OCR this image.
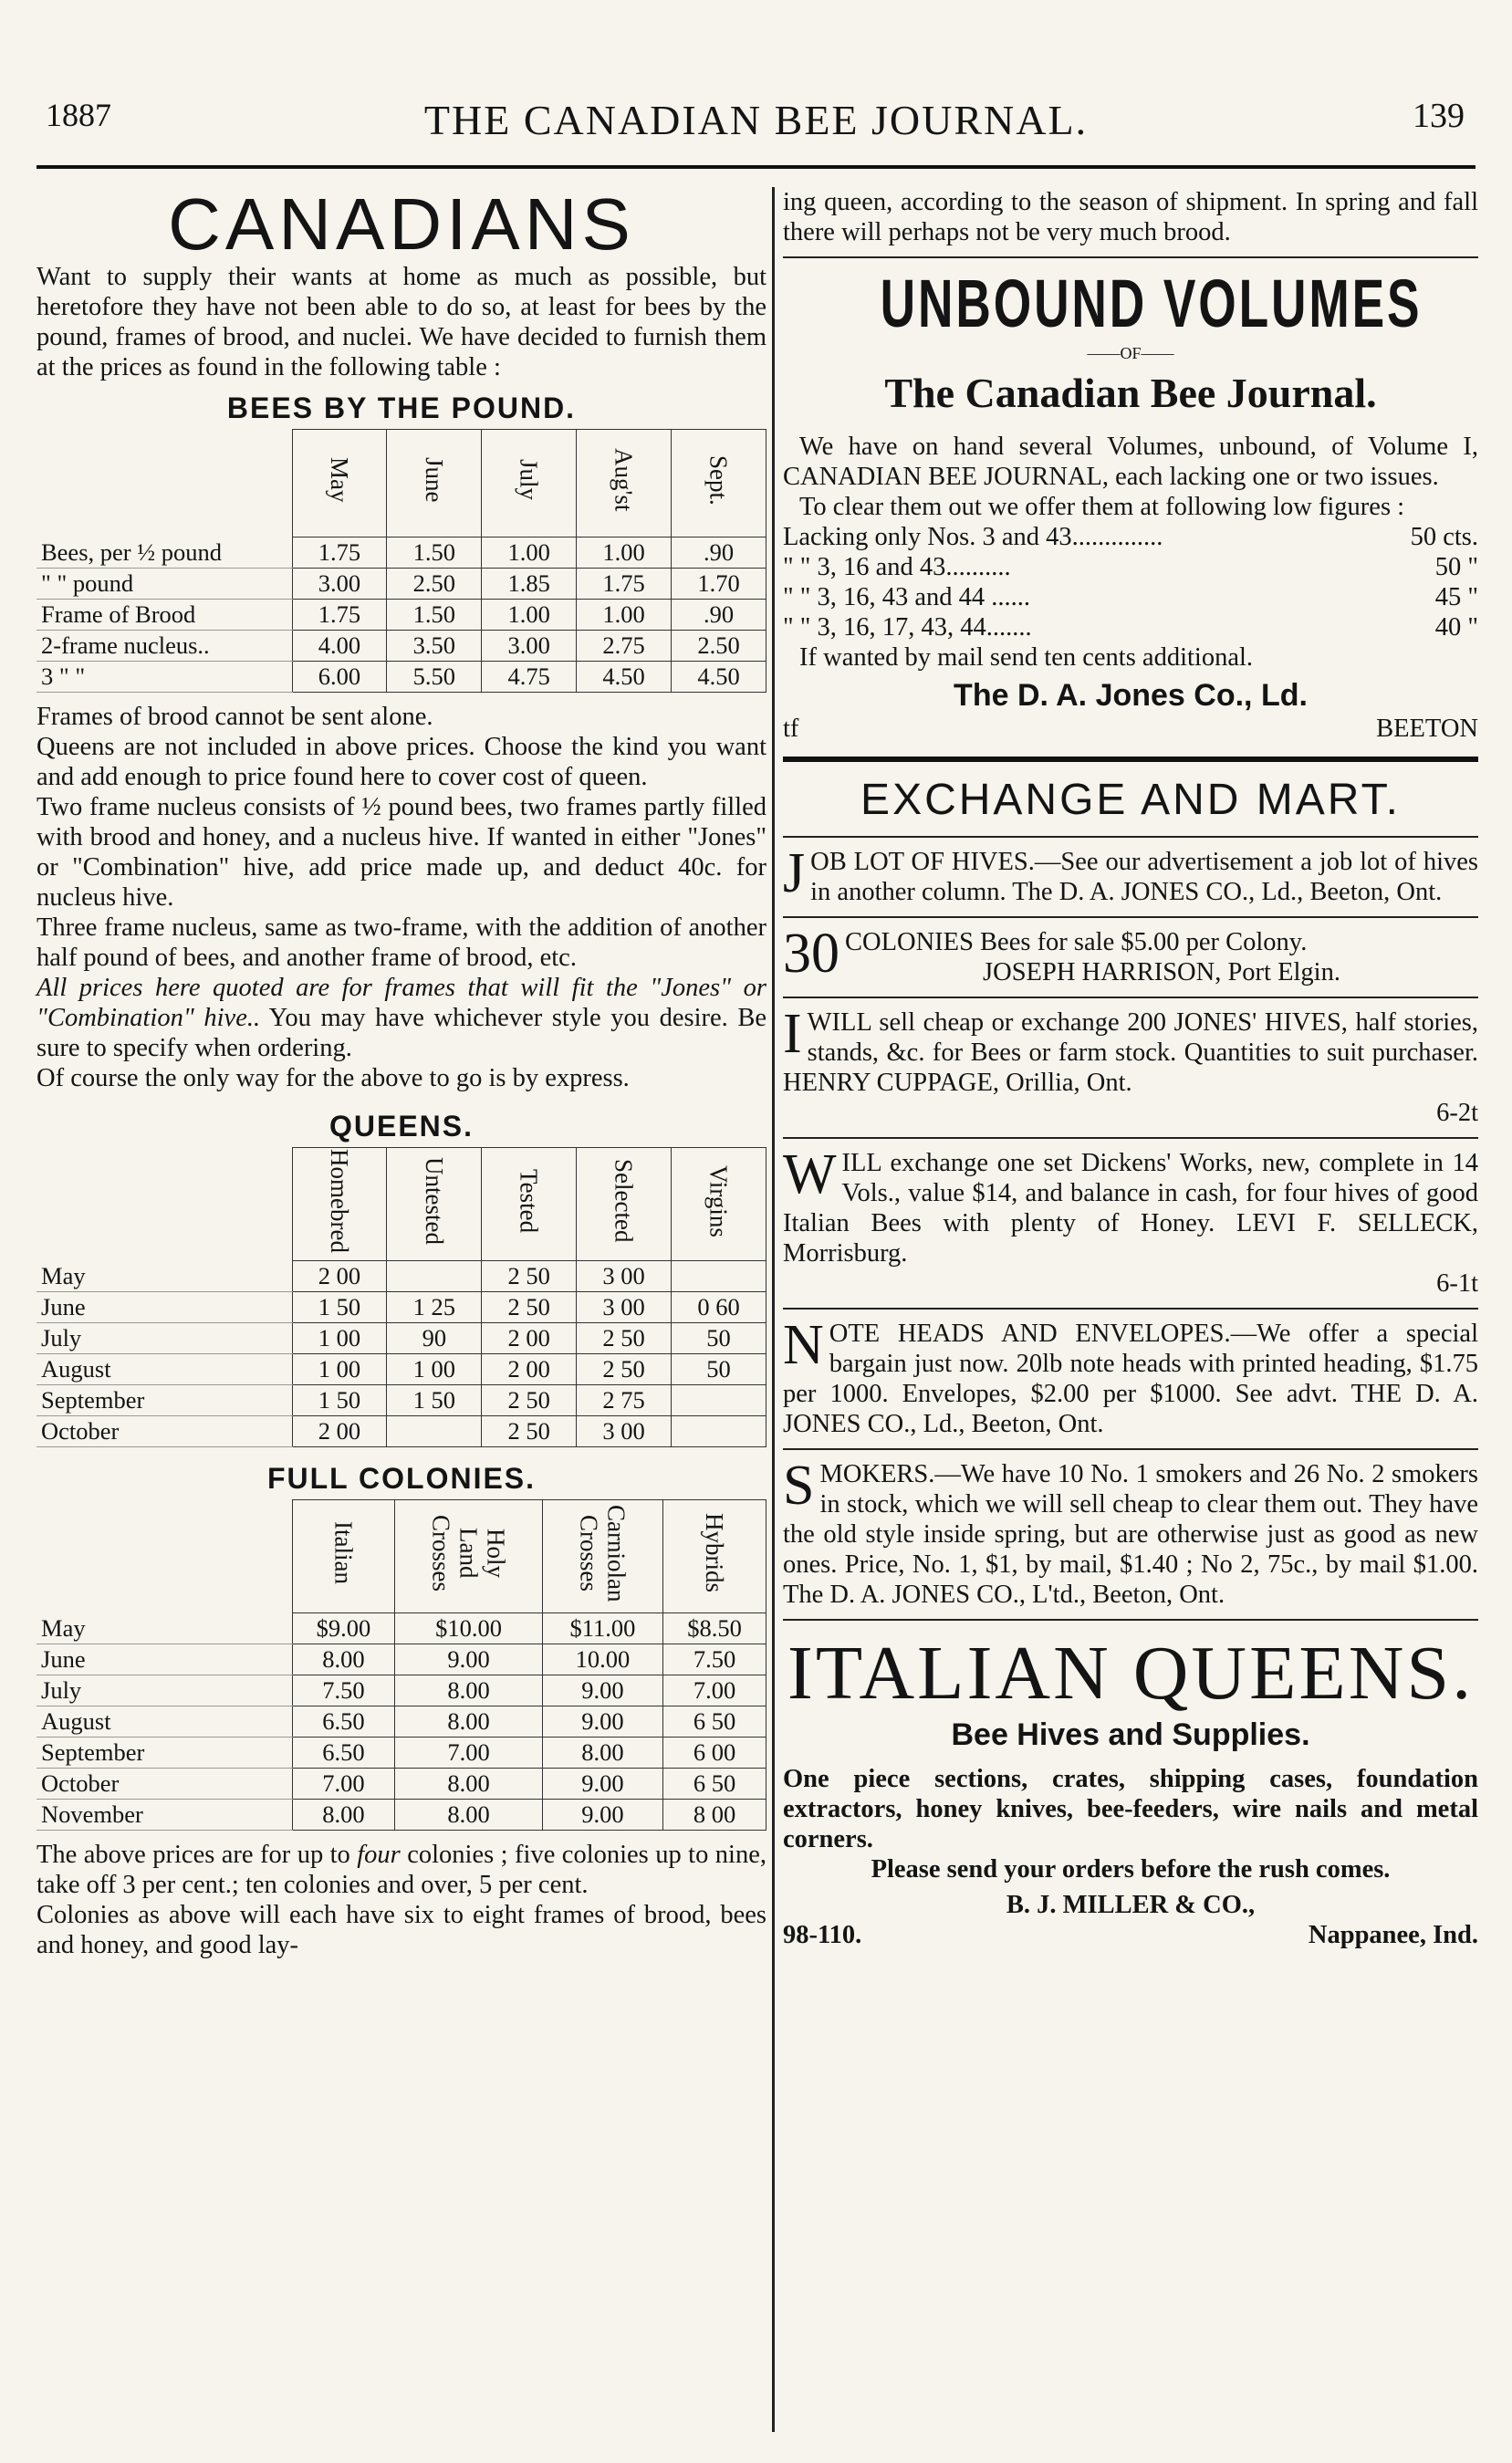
1887	THE CANADIAN BEE JOURNAL.	139
CANADIANS

Want to supply their wants at home as much as possible, but heretofore they have not been able to do so, at least for bees by the pound, frames of brood, and nuclei. We have decided to furnish them at the prices as found in the following table :

BEES BY THE POUND.
	May	June	July	Aug'st	Sept.
Bees, per ½ pound	1.75	1.50	1.00	1.00	.90
" " pound	3.00	2.50	1.85	1.75	1.70
Frame of Brood	1.75	1.50	1.00	1.00	.90
2-frame nucleus..	4.00	3.50	3.00	2.75	2.50
3 " "	6.00	5.50	4.75	4.50	4.50

Frames of brood cannot be sent alone.

Queens are not included in above prices. Choose the kind you want and add enough to price found here to cover cost of queen.

Two frame nucleus consists of ½ pound bees, two frames partly filled with brood and honey, and a nucleus hive. If wanted in either "Jones" or "Combination" hive, add price made up, and deduct 40c. for nucleus hive.

Three frame nucleus, same as two-frame, with the addition of another half pound of bees, and another frame of brood, etc.

All prices here quoted are for frames that will fit the "Jones" or "Combination" hive.. You may have whichever style you desire. Be sure to specify when ordering.

Of course the only way for the above to go is by express.

QUEENS.
	Homebred	Untested	Tested	Selected	Virgins
May	2 00		2 50	3 00	
June	1 50	1 25	2 50	3 00	0 60
July	1 00	90	2 00	2 50	50
August	1 00	1 00	2 00	2 50	50
September	1 50	1 50	2 50	2 75	
October	2 00		2 50	3 00	
FULL COLONIES.
	Italian	Holy Land Crosses	Carniolan Crosses	Hybrids
May	$9.00	$10.00	$11.00	$8.50
June	8.00	9.00	10.00	7.50
July	7.50	8.00	9.00	7.00
August	6.50	8.00	9.00	6 50
September	6.50	7.00	8.00	6 00
October	7.00	8.00	9.00	6 50
November	8.00	8.00	9.00	8 00

The above prices are for up to four colonies ; five colonies up to nine, take off 3 per cent.; ten colonies and over, 5 per cent.

Colonies as above will each have six to eight frames of brood, bees and honey, and good lay-

ing queen, according to the season of shipment. In spring and fall there will perhaps not be very much brood.

UNBOUND VOLUMES
——OF——
The Canadian Bee Journal.

We have on hand several Volumes, unbound, of Volume I, CANADIAN BEE JOURNAL, each lacking one or two issues.

To clear them out we offer them at following low figures :

Lacking only Nos. 3 and 43..............	50 cts.
" " 3, 16 and 43..........	50 "
" " 3, 16, 43 and 44 ......	45 "
" " 3, 16, 17, 43, 44.......	40 "

If wanted by mail send ten cents additional.

The D. A. Jones Co., Ld.
tf	BEETON
EXCHANGE AND MART.

JOB LOT OF HIVES.—See our advertisement a job lot of hives in another column. The D. A. JONES CO., Ld., Beeton, Ont.

30 COLONIES Bees for sale $5.00 per Colony.

JOSEPH HARRISON, Port Elgin.

IWILL sell cheap or exchange 200 JONES' HIVES, half stories, stands, &c. for Bees or farm stock. Quantities to suit purchaser. HENRY CUPPAGE, Orillia, Ont.

6-2t

WILL exchange one set Dickens' Works, new, complete in 14 Vols., value $14, and balance in cash, for four hives of good Italian Bees with plenty of Honey. LEVI F. SELLECK, Morrisburg.

6-1t

NOTE HEADS AND ENVELOPES.—We offer a special bargain just now. 20lb note heads with printed heading, $1.75 per 1000. Envelopes, $2.00 per $1000. See advt. THE D. A. JONES CO., Ld., Beeton, Ont.

SMOKERS.—We have 10 No. 1 smokers and 26 No. 2 smokers in stock, which we will sell cheap to clear them out. They have the old style inside spring, but are otherwise just as good as new ones. Price, No. 1, $1, by mail, $1.40 ; No 2, 75c., by mail $1.00. The D. A. JONES CO., L'td., Beeton, Ont.

ITALIAN QUEENS.
Bee Hives and Supplies.

One piece sections, crates, shipping cases, foundation extractors, honey knives, bee-feeders, wire nails and metal corners.

Please send your orders before the rush comes.

B. J. MILLER & CO.,

98-110.	Nappanee, Ind.
